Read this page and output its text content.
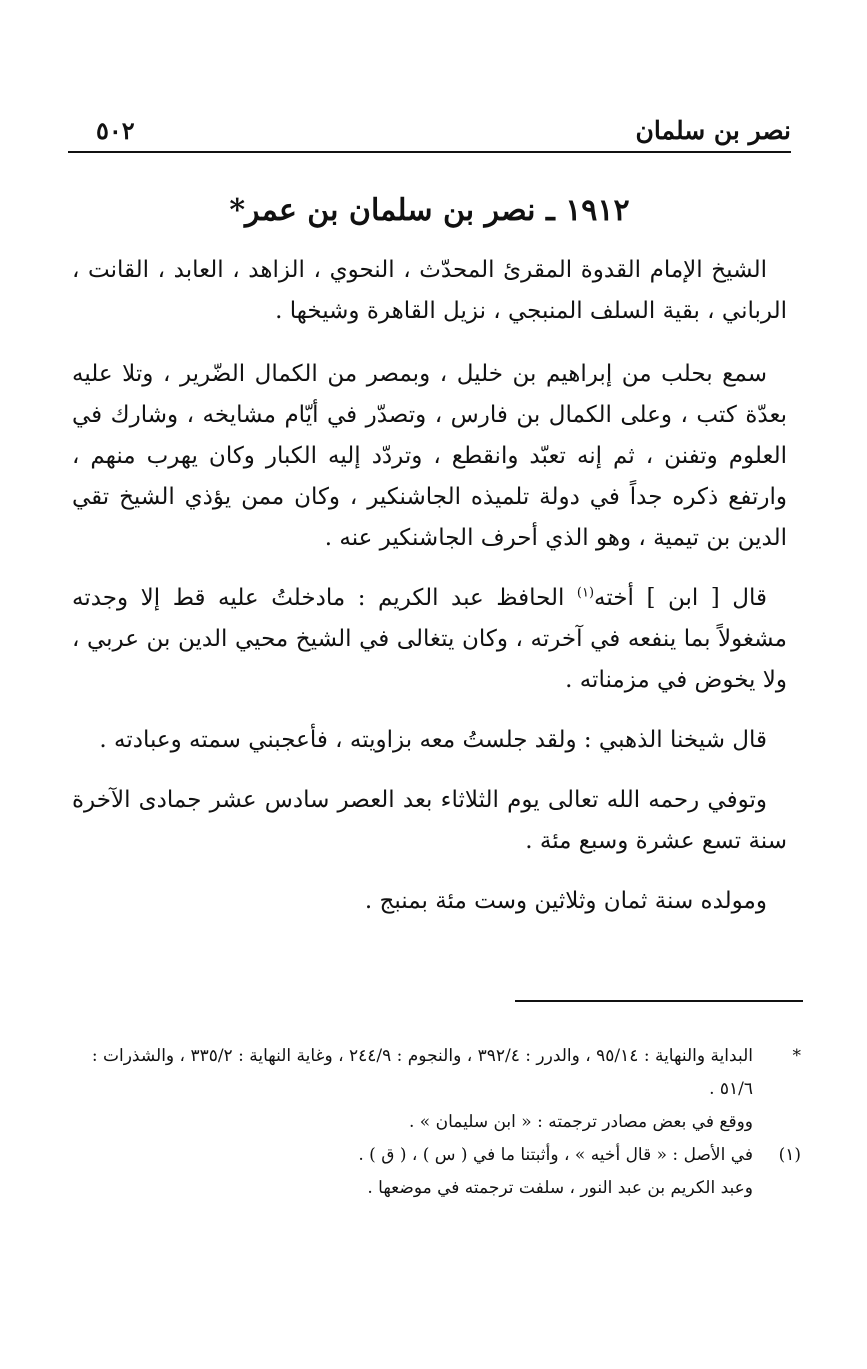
نصر بن سلمان
٥٠٢
١٩١٢ ـ نصر بن سلمان بن عمر*

الشيخ الإمام القدوة المقرئ المحدّث ، النحوي ، الزاهد ، العابد ، القانت ، الرباني ، بقية السلف المنبجي ، نزيل القاهرة وشيخها .

سمع بحلب من إبراهيم بن خليل ، وبمصر من الكمال الضّرير ، وتلا عليه بعدّة كتب ، وعلى الكمال بن فارس ، وتصدّر في أيّام مشايخه ، وشارك في العلوم وتفنن ، ثم إنه تعبّد وانقطع ، وتردّد إليه الكبار وكان يهرب منهم ، وارتفع ذكره جداً في دولة تلميذه الجاشنكير ، وكان ممن يؤذي الشيخ تقي الدين بن تيمية ، وهو الذي أحرف الجاشنكير عنه .

قال [ ابن ] أخته$^{(١)}$ الحافظ عبد الكريم : مادخلتُ عليه قط إلا وجدته مشغولاً بما ينفعه في آخرته ، وكان يتغالى في الشيخ محيي الدين بن عربي ، ولا يخوض في مزمناته .

قال شيخنا الذهبي : ولقد جلستُ معه بزاويته ، فأعجبني سمته وعبادته .

وتوفي رحمه الله تعالى يوم الثلاثاء بعد العصر سادس عشر جمادى الآخرة سنة تسع عشرة وسبع مئة .

ومولده سنة ثمان وثلاثين وست مئة بمنبج .

*
البداية والنهاية : ٩٥/١٤ ، والدرر : ٣٩٢/٤ ، والنجوم : ٢٤٤/٩ ، وغاية النهاية : ٣٣٥/٢ ، والشذرات : ٥١/٦ .
ووقع في بعض مصادر ترجمته : « ابن سليمان » .
(١)
في الأصل : « قال أخيه » ، وأثبتنا ما في ( س ) ، ( ق ) .
وعبد الكريم بن عبد النور ، سلفت ترجمته في موضعها .
